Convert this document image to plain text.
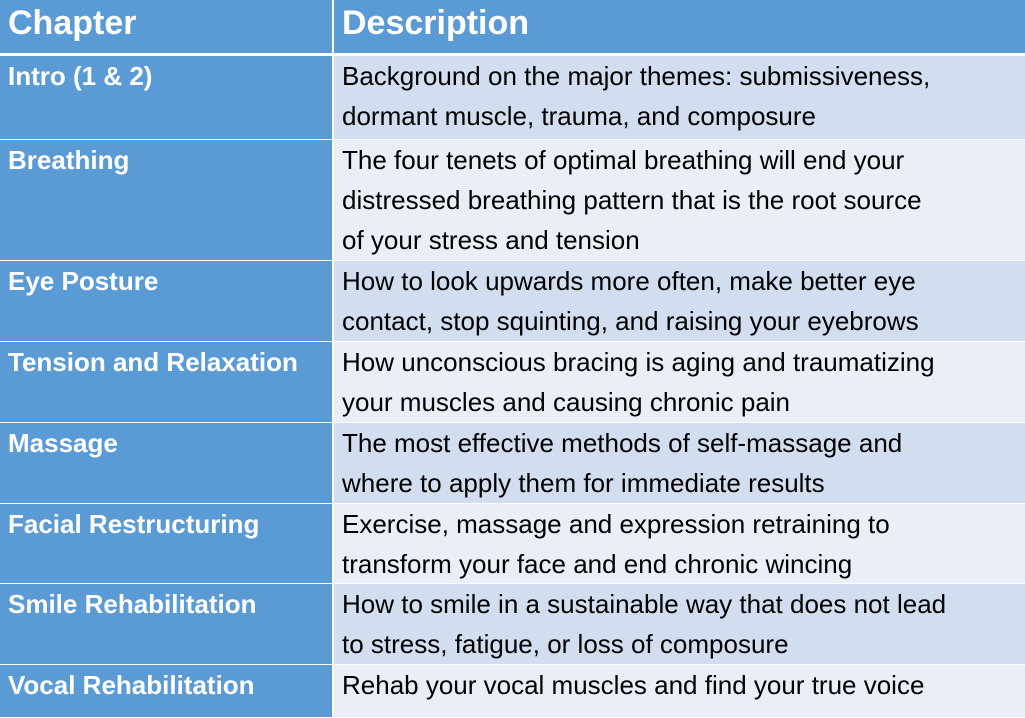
Chapter	Description
Intro (1 & 2)	Background on the major themes: submissiveness,
dormant muscle, trauma, and composure
Breathing	The four tenets of optimal breathing will end your
distressed breathing pattern that is the root source
of your stress and tension
Eye Posture	How to look upwards more often, make better eye
contact, stop squinting, and raising your eyebrows
Tension and Relaxation	How unconscious bracing is aging and traumatizing
your muscles and causing chronic pain
Massage	The most effective methods of self-massage and
where to apply them for immediate results
Facial Restructuring	Exercise, massage and expression retraining to
transform your face and end chronic wincing
Smile Rehabilitation	How to smile in a sustainable way that does not lead
to stress, fatigue, or loss of composure
Vocal Rehabilitation	Rehab your vocal muscles and find your true voice
